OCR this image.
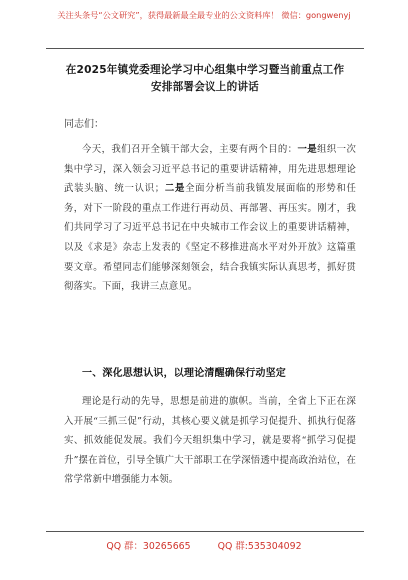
关注头条号“公文研究”，获得最新最全最专业的公文资料库！ 微信：gongwenyj
在2025年镇党委理论学习中心组集中学习暨当前重点工作
安排部署会议上的讲话
同志们：
今天，我们召开全镇干部大会，主要有两个目的：一是组织一次集中学习，深入领会习近平总书记的重要讲话精神，用先进思想理论武装头脑、统一认识；二是全面分析当前我镇发展面临的形势和任务，对下一阶段的重点工作进行再动员、再部署、再压实。刚才，我们共同学习了习近平总书记在中央城市工作会议上的重要讲话精神，以及《求是》杂志上发表的《坚定不移推进高水平对外开放》这篇重要文章。希望同志们能够深刻领会，结合我镇实际认真思考，抓好贯彻落实。下面，我讲三点意见。
一、深化思想认识，以理论清醒确保行动坚定
理论是行动的先导，思想是前进的旗帜。当前，全省上下正在深入开展“三抓三促”行动，其核心要义就是抓学习促提升、抓执行促落实、抓效能促发展。我们今天组织集中学习，就是要将“抓学习促提升”摆在首位，引导全镇广大干部职工在学深悟透中提高政治站位，在常学常新中增强能力本领。
QQ 群：30265665	QQ 群:535304092
